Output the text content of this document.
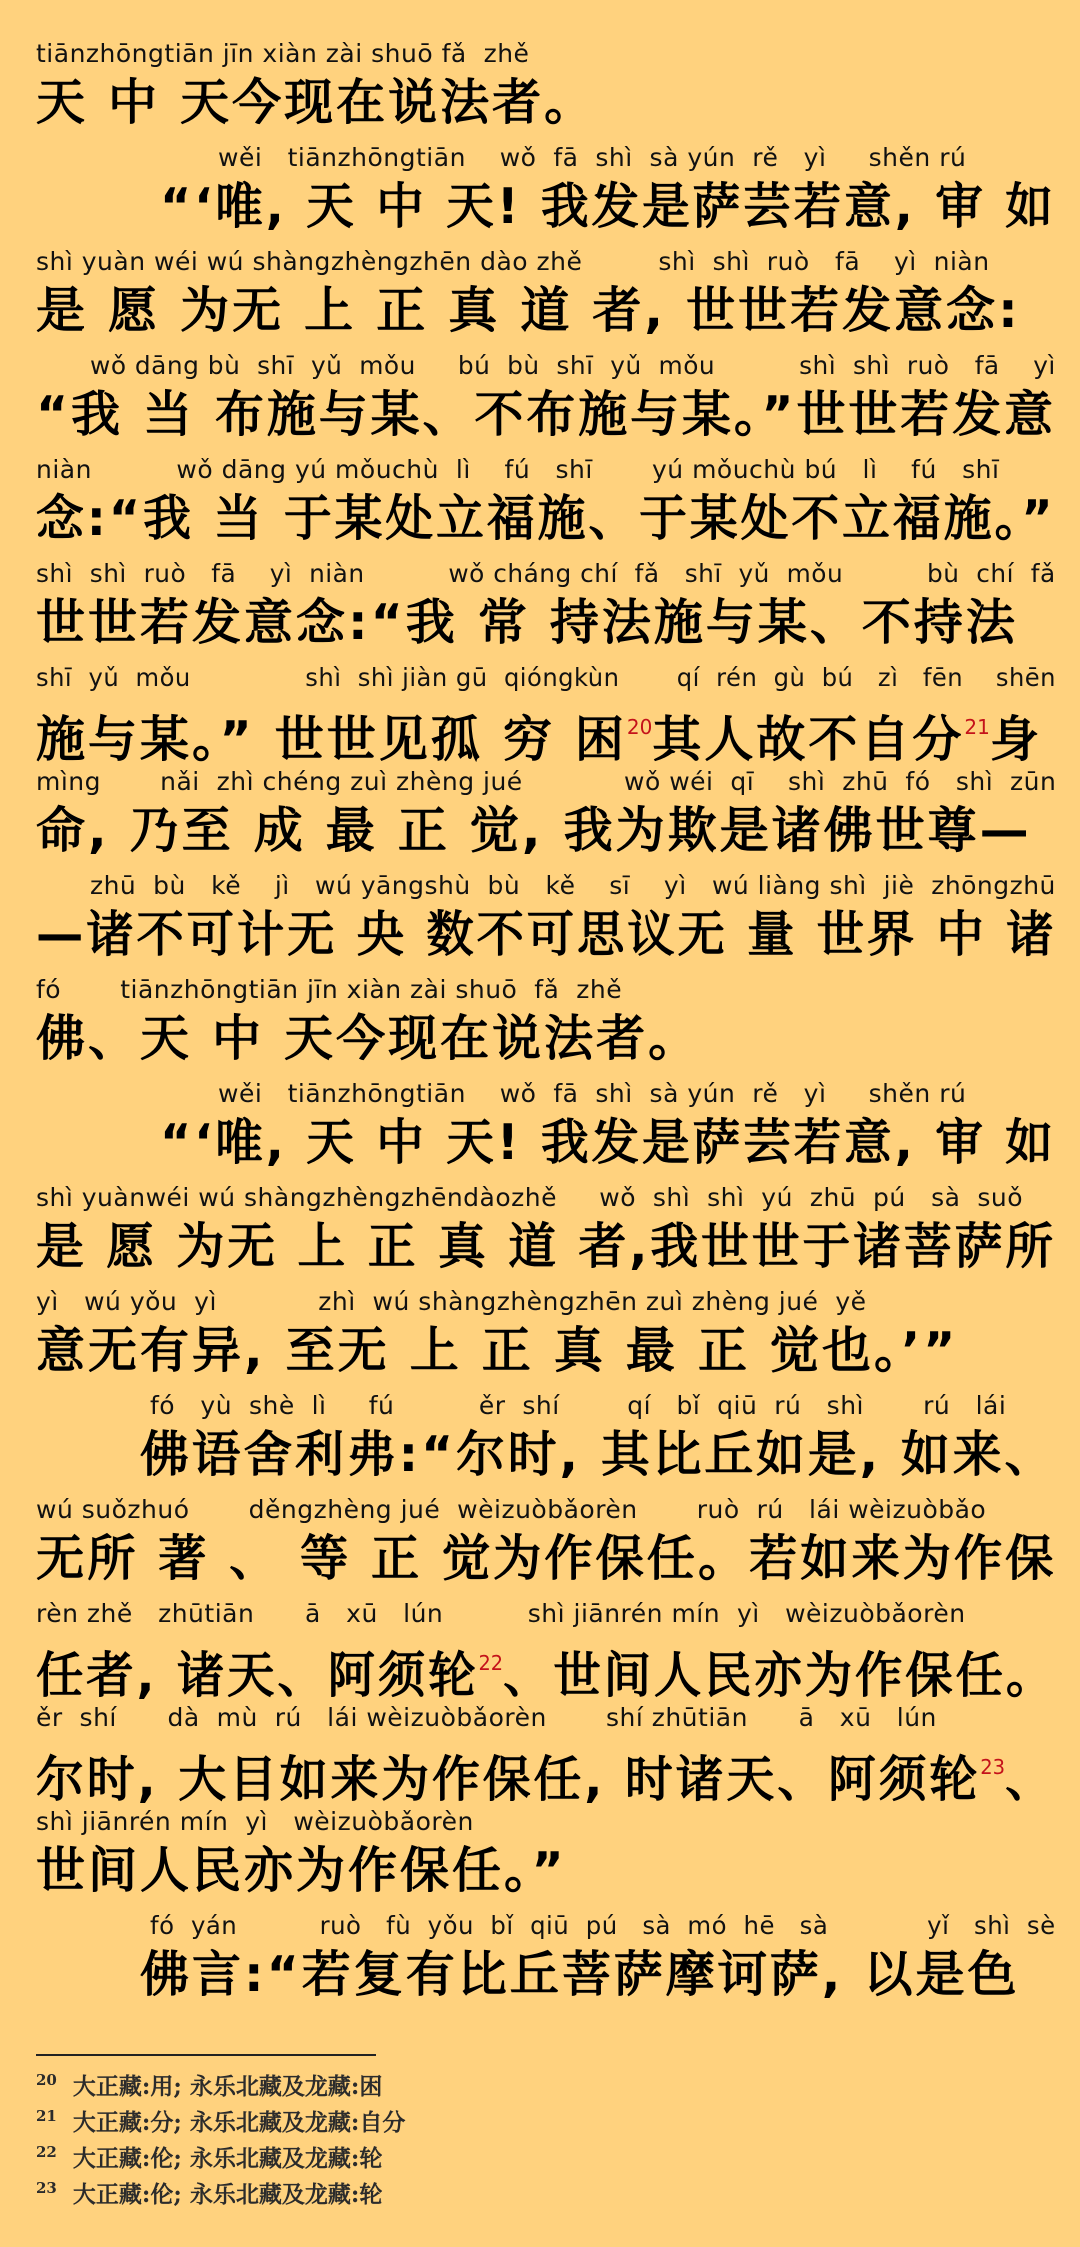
tiānzhōngtiān jīn xiàn zài shuō fǎ  zhě
天 中 天今现在说法者。
wěi   tiānzhōngtiān    wǒ  fā  shì  sà yún  rě   yì     shěn rú
“‘唯, 天 中 天! 我发是萨芸若意, 审 如
shì yuàn wéi wú shàngzhèngzhēn dào zhě         shì  shì  ruò   fā    yì  niàn
是 愿 为无 上 正 真 道 者, 世世若发意念:
wǒ dāng bù  shī  yǔ  mǒu     bú  bù  shī  yǔ  mǒu          shì  shì  ruò   fā    yì
“我 当 布施与某、不布施与某。”世世若发意
niàn          wǒ dāng yú mǒuchù  lì    fú   shī       yú mǒuchù bú   lì    fú   shī
念:“我 当 于某处立福施、于某处不立福施。”
shì  shì  ruò   fā    yì  niàn          wǒ cháng chí  fǎ   shī  yǔ  mǒu          bù  chí  fǎ
世世若发意念:“我 常 持法施与某、不持法
shī  yǔ  mǒu              shì  shì jiàn gū  qióngkùn       qí  rén  gù  bú   zì   fēn    shēn
施与某。” 世世见孤 穷 困$^{20}$其人故不自分$^{21}$身
mìng       nǎi  zhì chéng zuì zhèng jué            wǒ wéi  qī    shì  zhū  fó   shì  zūn
命, 乃至 成 最 正 觉, 我为欺是诸佛世尊—
zhū  bù   kě    jì   wú yāngshù  bù   kě    sī    yì   wú liàng shì  jiè  zhōngzhū
—诸不可计无 央 数不可思议无 量 世界 中 诸
fó       tiānzhōngtiān jīn xiàn zài shuō  fǎ  zhě
佛、天 中 天今现在说法者。
wěi   tiānzhōngtiān    wǒ  fā  shì  sà yún  rě   yì     shěn rú
“‘唯, 天 中 天! 我发是萨芸若意, 审 如
shì yuànwéi wú shàngzhèngzhēndàozhě     wǒ  shì  shì  yú  zhū  pú   sà  suǒ
是 愿 为无 上 正 真 道 者,我世世于诸菩萨所
yì   wú yǒu  yì            zhì  wú shàngzhèngzhēn zuì zhèng jué  yě
意无有异, 至无 上 正 真 最 正 觉也。’”
fó   yù  shè  lì     fú          ěr  shí        qí   bǐ  qiū  rú   shì       rú   lái
佛语舍利弗:“尔时, 其比丘如是, 如来、
wú suǒzhuó       děngzhèng jué  wèizuòbǎorèn       ruò  rú   lái wèizuòbǎo
无所 著 、 等 正 觉为作保任。若如来为作保
rèn zhě   zhūtiān      ā   xū   lún          shì jiānrén mín  yì   wèizuòbǎorèn
任者, 诸天、阿须轮$^{22}$、世间人民亦为作保任。
ěr  shí      dà  mù  rú   lái wèizuòbǎorèn       shí zhūtiān      ā   xū   lún
尔时, 大目如来为作保任, 时诸天、阿须轮$^{23}$、
shì jiānrén mín  yì   wèizuòbǎorèn
世间人民亦为作保任。”
fó  yán          ruò   fù  yǒu  bǐ  qiū  pú   sà  mó  hē   sà            yǐ   shì  sè
佛言:“若复有比丘菩萨摩诃萨, 以是色
$^{20}$ 大正藏:用; 永乐北藏及龙藏:困
$^{21}$ 大正藏:分; 永乐北藏及龙藏:自分
$^{22}$ 大正藏:伦; 永乐北藏及龙藏:轮
$^{23}$ 大正藏:伦; 永乐北藏及龙藏:轮
